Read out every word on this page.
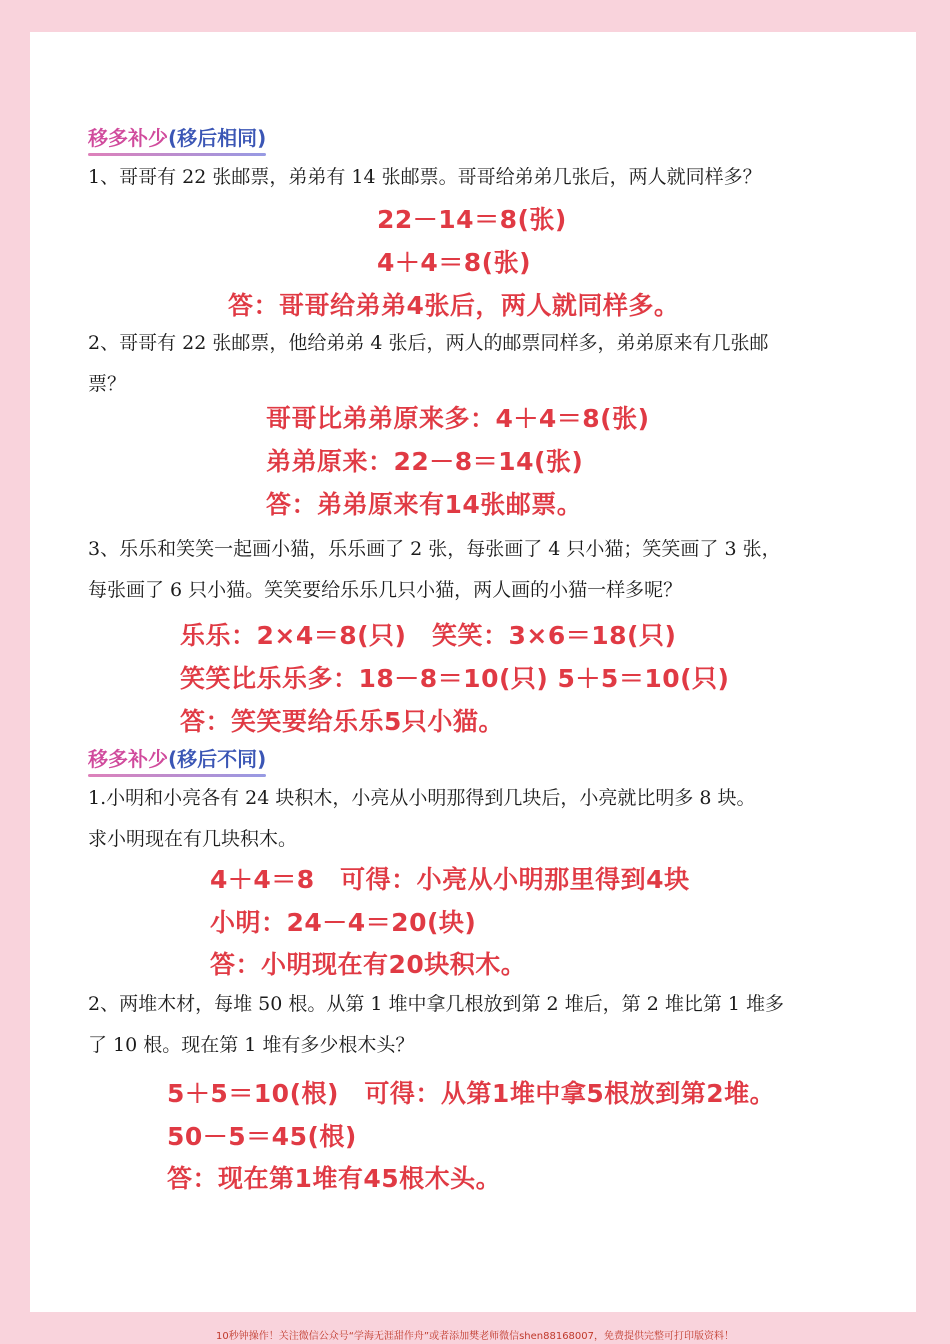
移多补少(移后相同)
1、哥哥有 22 张邮票，弟弟有 14 张邮票。哥哥给弟弟几张后，两人就同样多？
22－14＝8(张)
4＋4＝8(张)
答：哥哥给弟弟4张后，两人就同样多。
2、哥哥有 22 张邮票，他给弟弟 4 张后，两人的邮票同样多，弟弟原来有几张邮
票？
哥哥比弟弟原来多：4＋4＝8(张)
弟弟原来：22－8＝14(张)
答：弟弟原来有14张邮票。
3、乐乐和笑笑一起画小猫，乐乐画了 2 张，每张画了 4 只小猫；笑笑画了 3 张，
每张画了 6 只小猫。笑笑要给乐乐几只小猫，两人画的小猫一样多呢？
乐乐：2×4＝8(只)　笑笑：3×6＝18(只)
笑笑比乐乐多：18－8＝10(只) 5＋5＝10(只)
答：笑笑要给乐乐5只小猫。
移多补少(移后不同)
1.小明和小亮各有 24 块积木，小亮从小明那得到几块后，小亮就比明多 8 块。
求小明现在有几块积木。
4＋4＝8　可得：小亮从小明那里得到4块
小明：24－4＝20(块)
答：小明现在有20块积木。
2、两堆木材，每堆 50 根。从第 1 堆中拿几根放到第 2 堆后，第 2 堆比第 1 堆多
了 10 根。现在第 1 堆有多少根木头？
5＋5＝10(根)　可得：从第1堆中拿5根放到第2堆。
50－5＝45(根)
答：现在第1堆有45根木头。
10秒钟操作！关注微信公众号“学海无涯甜作舟”或者添加樊老师微信shen88168007，免费提供完整可打印版资料！
